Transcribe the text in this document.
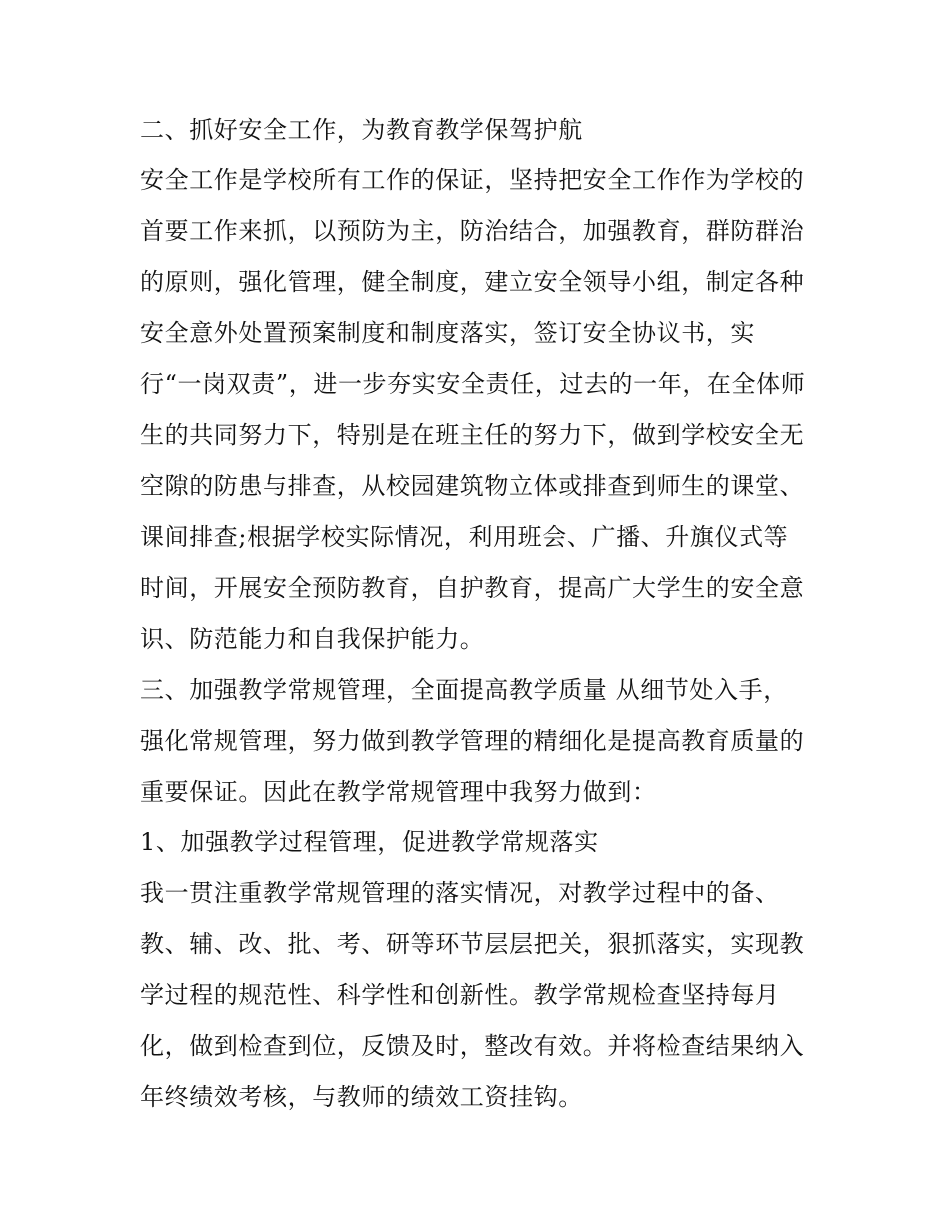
二、抓好安全工作，为教育教学保驾护航
安全工作是学校所有工作的保证，坚持把安全工作作为学校的
首要工作来抓，以预防为主，防治结合，加强教育，群防群治
的原则，强化管理，健全制度，建立安全领导小组，制定各种
安全意外处置预案制度和制度落实，签订安全协议书，实
行“一岗双责”，进一步夯实安全责任，过去的一年，在全体师
生的共同努力下，特别是在班主任的努力下，做到学校安全无
空隙的防患与排查，从校园建筑物立体或排查到师生的课堂、
课间排查;根据学校实际情况，利用班会、广播、升旗仪式等
时间，开展安全预防教育，自护教育，提高广大学生的安全意
识、防范能力和自我保护能力。
三、加强教学常规管理，全面提高教学质量 从细节处入手，
强化常规管理，努力做到教学管理的精细化是提高教育质量的
重要保证。因此在教学常规管理中我努力做到：
1、加强教学过程管理，促进教学常规落实
我一贯注重教学常规管理的落实情况，对教学过程中的备、
教、辅、改、批、考、研等环节层层把关，狠抓落实，实现教
学过程的规范性、科学性和创新性。教学常规检查坚持每月
化，做到检查到位，反馈及时，整改有效。并将检查结果纳入
年终绩效考核，与教师的绩效工资挂钩。
